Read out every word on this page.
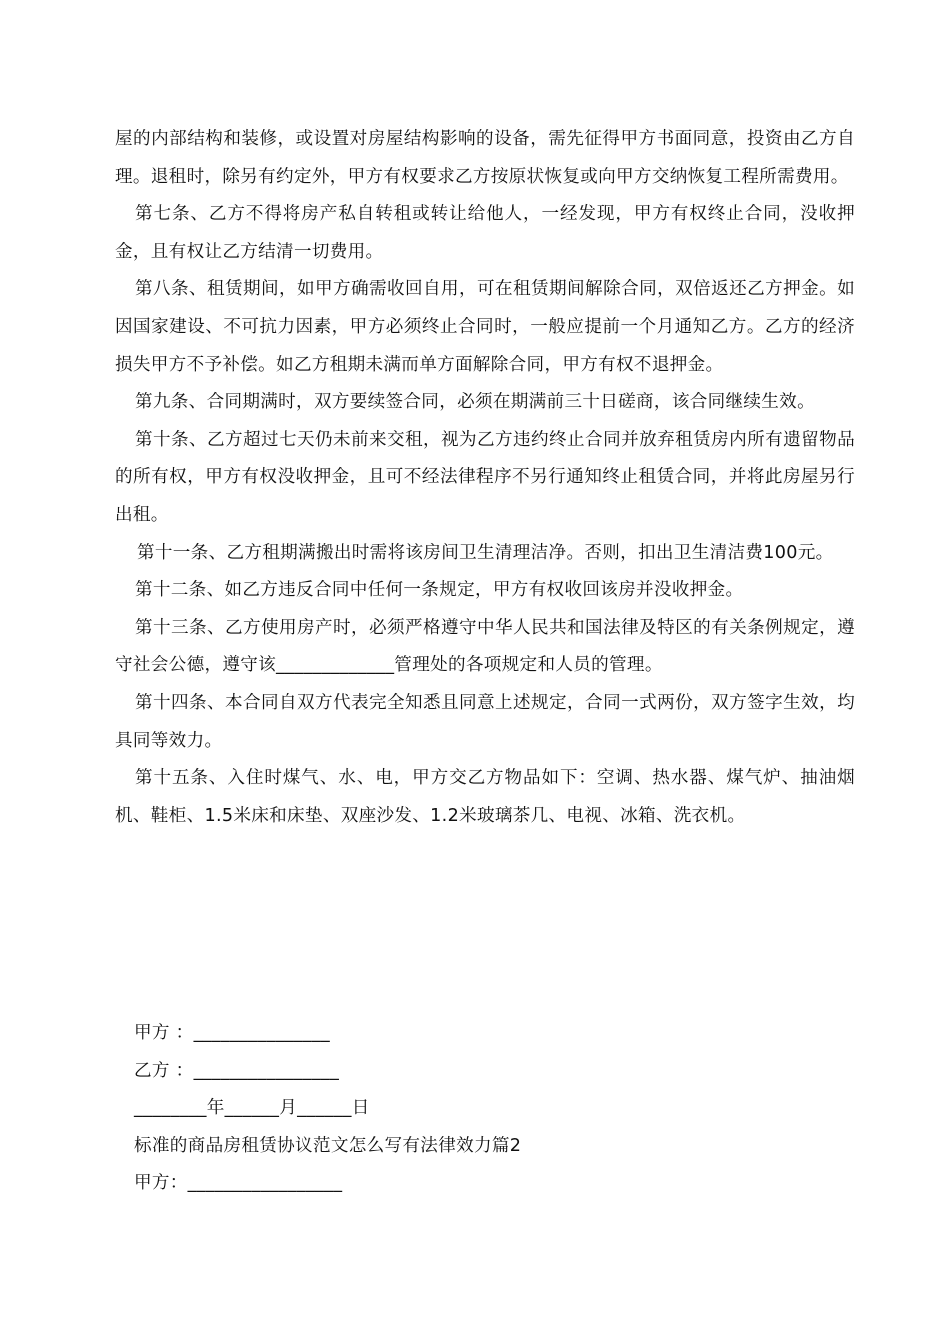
屋的内部结构和装修，或设置对房屋结构影响的设备，需先征得甲方书面同意，投资由乙方自理。退租时，除另有约定外，甲方有权要求乙方按原状恢复或向甲方交纳恢复工程所需费用。

第七条、乙方不得将房产私自转租或转让给他人，一经发现，甲方有权终止合同，没收押金，且有权让乙方结清一切费用。

第八条、租赁期间，如甲方确需收回自用，可在租赁期间解除合同，双倍返还乙方押金。如因国家建设、不可抗力因素，甲方必须终止合同时，一般应提前一个月通知乙方。乙方的经济损失甲方不予补偿。如乙方租期未满而单方面解除合同，甲方有权不退押金。

第九条、合同期满时，双方要续签合同，必须在期满前三十日磋商，该合同继续生效。

第十条、乙方超过七天仍未前来交租，视为乙方违约终止合同并放弃租赁房内所有遗留物品的所有权，甲方有权没收押金，且可不经法律程序不另行通知终止租赁合同，并将此房屋另行出租。

第十一条、乙方租期满搬出时需将该房间卫生清理洁净。否则，扣出卫生清洁费100元。

第十二条、如乙方违反合同中任何一条规定，甲方有权收回该房并没收押金。

第十三条、乙方使用房产时，必须严格遵守中华人民共和国法律及特区的有关条例规定，遵守社会公德，遵守该_____________管理处的各项规定和人员的管理。

第十四条、本合同自双方代表完全知悉且同意上述规定，合同一式两份，双方签字生效，均具同等效力。

第十五条、入住时煤气、水、电，甲方交乙方物品如下：空调、热水器、煤气炉、抽油烟机、鞋柜、1.5米床和床垫、双座沙发、1.2米玻璃茶几、电视、冰箱、洗衣机。

甲方 ：_______________

乙方 ：________________

________年______月______日

标准的商品房租赁协议范文怎么写有法律效力篇2

甲方：_________________
